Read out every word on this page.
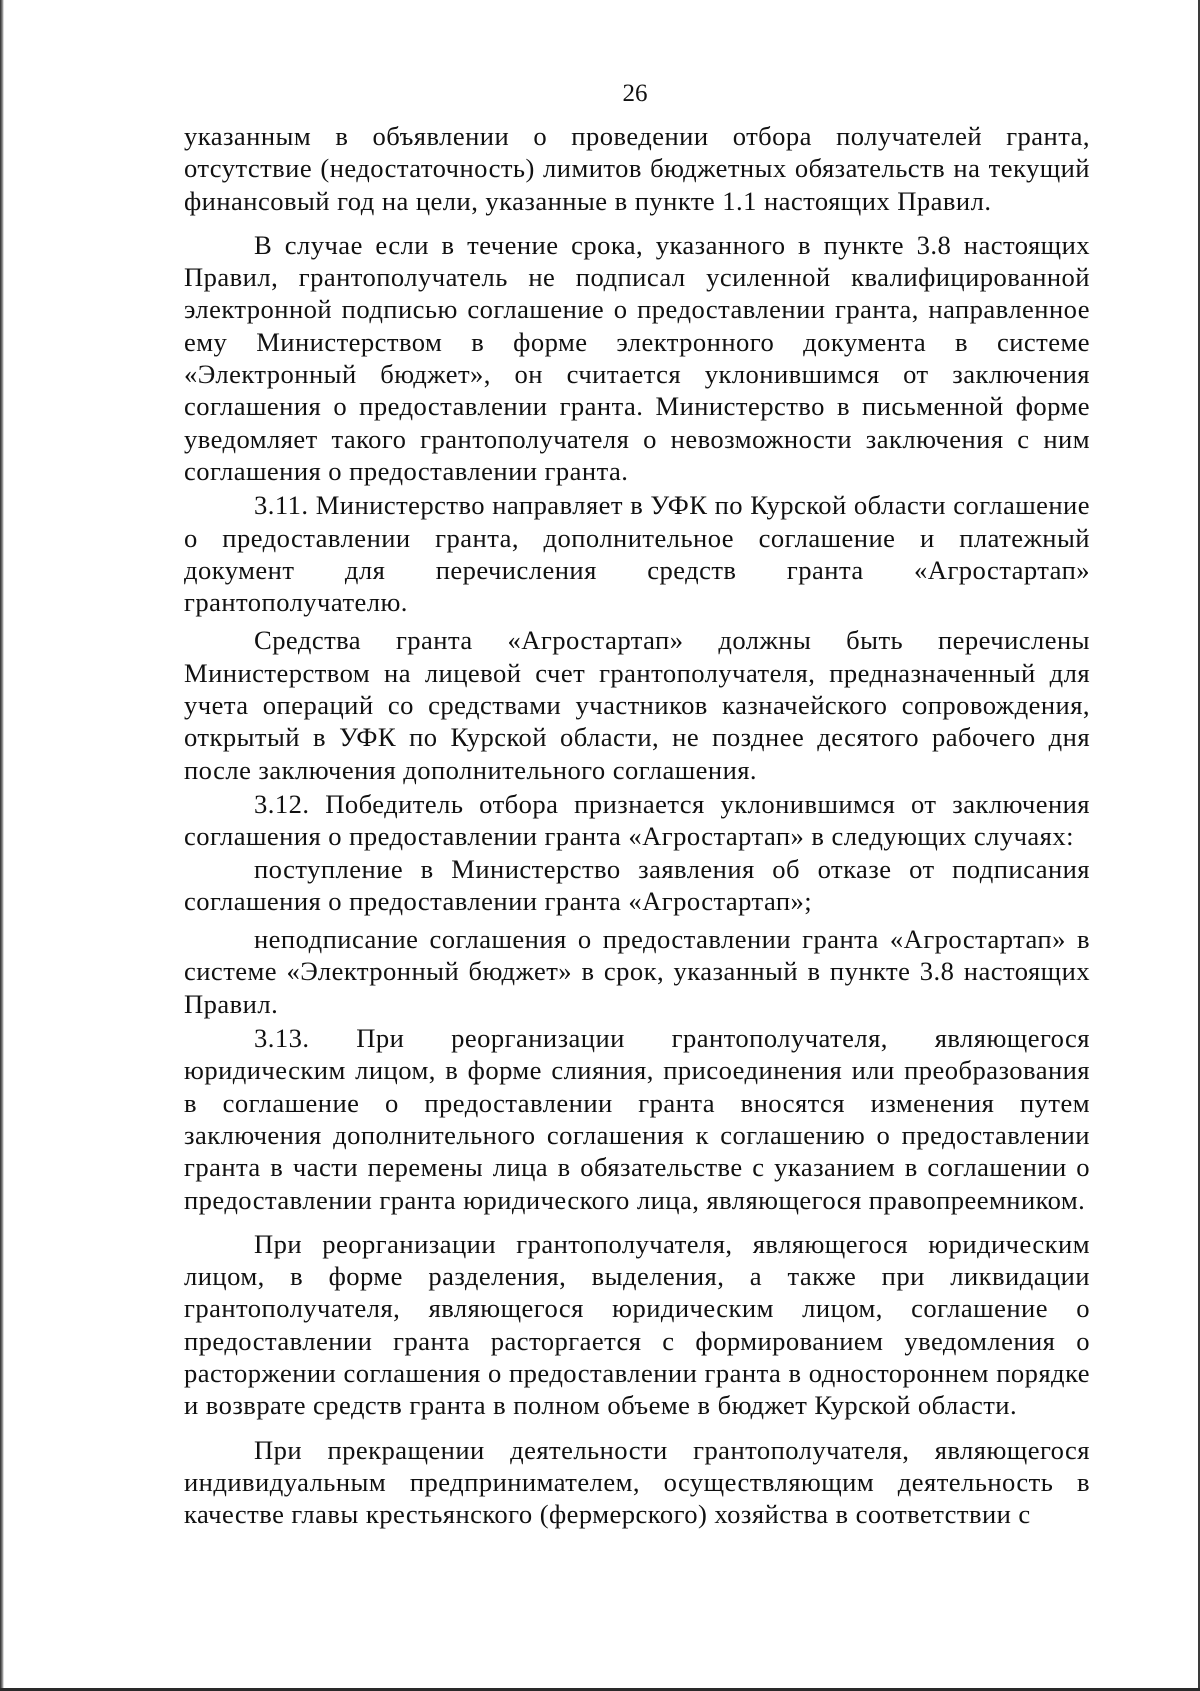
26

указанным в объявлении о проведении отбора получателей гранта, отсутствие (недостаточность) лимитов бюджетных обязательств на текущий финансовый год на цели, указанные в пункте 1.1 настоящих Правил.

В случае если в течение срока, указанного в пункте 3.8 настоящих Правил, грантополучатель не подписал усиленной квалифицированной электронной подписью соглашение о предоставлении гранта, направленное ему Министерством в форме электронного документа в системе «Электронный бюджет», он считается уклонившимся от заключения соглашения о предоставлении гранта. Министерство в письменной форме уведомляет такого грантополучателя о невозможности заключения с ним соглашения о предоставлении гранта.

3.11. Министерство направляет в УФК по Курской области соглашение о предоставлении гранта, дополнительное соглашение и платежный документ для перечисления средств гранта «Агростартап» грантополучателю.

Средства гранта «Агростартап» должны быть перечислены Министерством на лицевой счет грантополучателя, предназначенный для учета операций со средствами участников казначейского сопровождения, открытый в УФК по Курской области, не позднее десятого рабочего дня после заключения дополнительного соглашения.

3.12. Победитель отбора признается уклонившимся от заключения соглашения о предоставлении гранта «Агростартап» в следующих случаях:

поступление в Министерство заявления об отказе от подписания соглашения о предоставлении гранта «Агростартап»;

неподписание соглашения о предоставлении гранта «Агростартап» в системе «Электронный бюджет» в срок, указанный в пункте 3.8 настоящих Правил.

3.13. При реорганизации грантополучателя, являющегося юридическим лицом, в форме слияния, присоединения или преобразования в соглашение о предоставлении гранта вносятся изменения путем заключения дополнительного соглашения к соглашению о предоставлении гранта в части перемены лица в обязательстве с указанием в соглашении о предоставлении гранта юридического лица, являющегося правопреемником.

При реорганизации грантополучателя, являющегося юридическим лицом, в форме разделения, выделения, а также при ликвидации грантополучателя, являющегося юридическим лицом, соглашение о предоставлении гранта расторгается с формированием уведомления о расторжении соглашения о предоставлении гранта в одностороннем порядке и возврате средств гранта в полном объеме в бюджет Курской области.

При прекращении деятельности грантополучателя, являющегося индивидуальным предпринимателем, осуществляющим деятельность в качестве главы крестьянского (фермерского) хозяйства в соответствии с
